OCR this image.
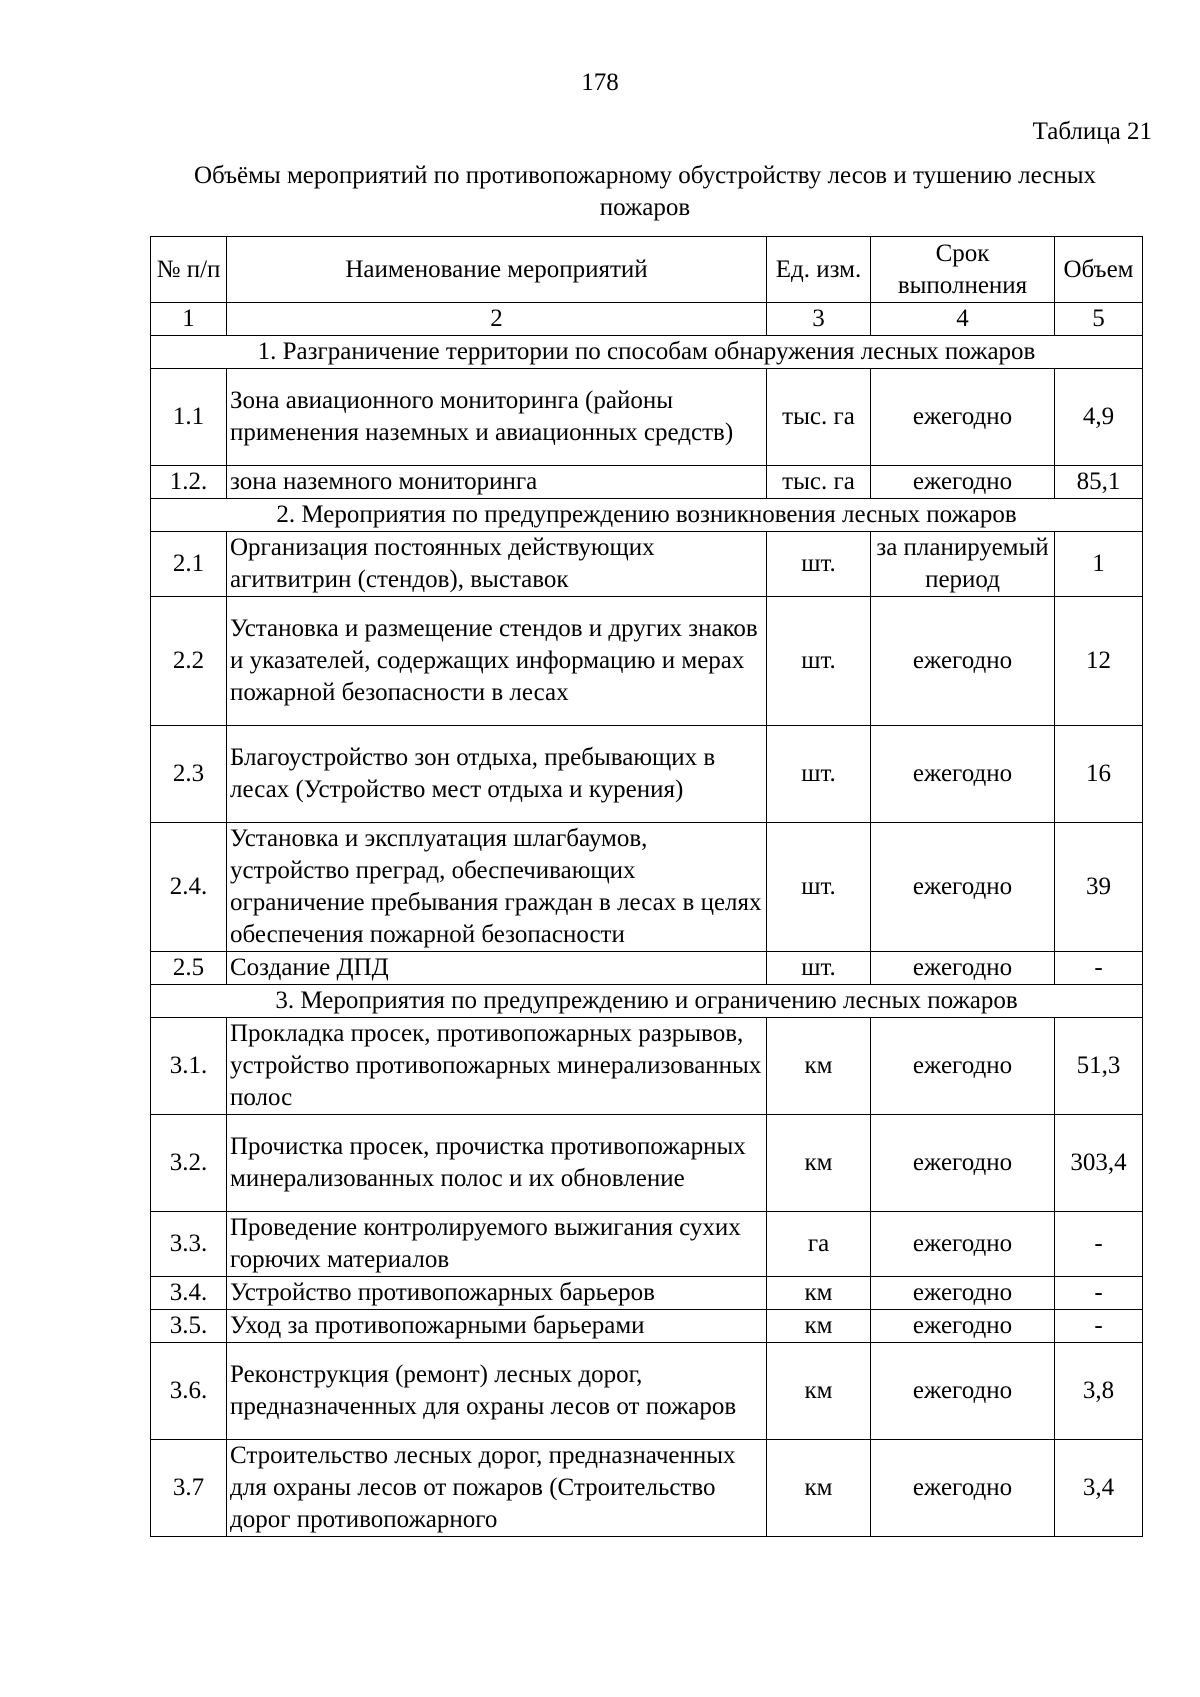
178
Таблица 21
Объёмы мероприятий по противопожарному обустройству лесов и тушению лесных пожаров
№ п/п	Наименование мероприятий	Ед. изм.	Срок выполнения	Объем
1	2	3	4	5
1. Разграничение территории по способам обнаружения лесных пожаров				
1.1	Зона авиационного мониторинга (районы применения наземных и авиационных средств)	тыс. га	ежегодно	4,9
1.2.	зона наземного мониторинга	тыс. га	ежегодно	85,1
2. Мероприятия по предупреждению возникновения лесных пожаров				
2.1	Организация постоянных действующих агитвитрин (стендов), выставок	шт.	за планируемый период	1
2.2	Установка и размещение стендов и других знаков и указателей, содержащих информацию и мерах пожарной безопасности в лесах	шт.	ежегодно	12
2.3	Благоустройство зон отдыха, пребывающих в лесах (Устройство мест отдыха и курения)	шт.	ежегодно	16
2.4.	Установка и эксплуатация шлагбаумов, устройство преград, обеспечивающих ограничение пребывания граждан в лесах в целях обеспечения пожарной безопасности	шт.	ежегодно	39
2.5	Создание ДПД	шт.	ежегодно	-
3. Мероприятия по предупреждению и ограничению лесных пожаров				
3.1.	Прокладка просек, противопожарных разрывов, устройство противопожарных минерализованных полос	км	ежегодно	51,3
3.2.	Прочистка просек, прочистка противопожарных минерализованных полос и их обновление	км	ежегодно	303,4
3.3.	Проведение контролируемого выжигания сухих горючих материалов	га	ежегодно	-
3.4.	Устройство противопожарных барьеров	км	ежегодно	-
3.5.	Уход за противопожарными барьерами	км	ежегодно	-
3.6.	Реконструкция (ремонт) лесных дорог, предназначенных для охраны лесов от пожаров	км	ежегодно	3,8
3.7	Строительство лесных дорог, предназначенных для охраны лесов от пожаров (Строительство дорог противопожарного	км	ежегодно	3,4
